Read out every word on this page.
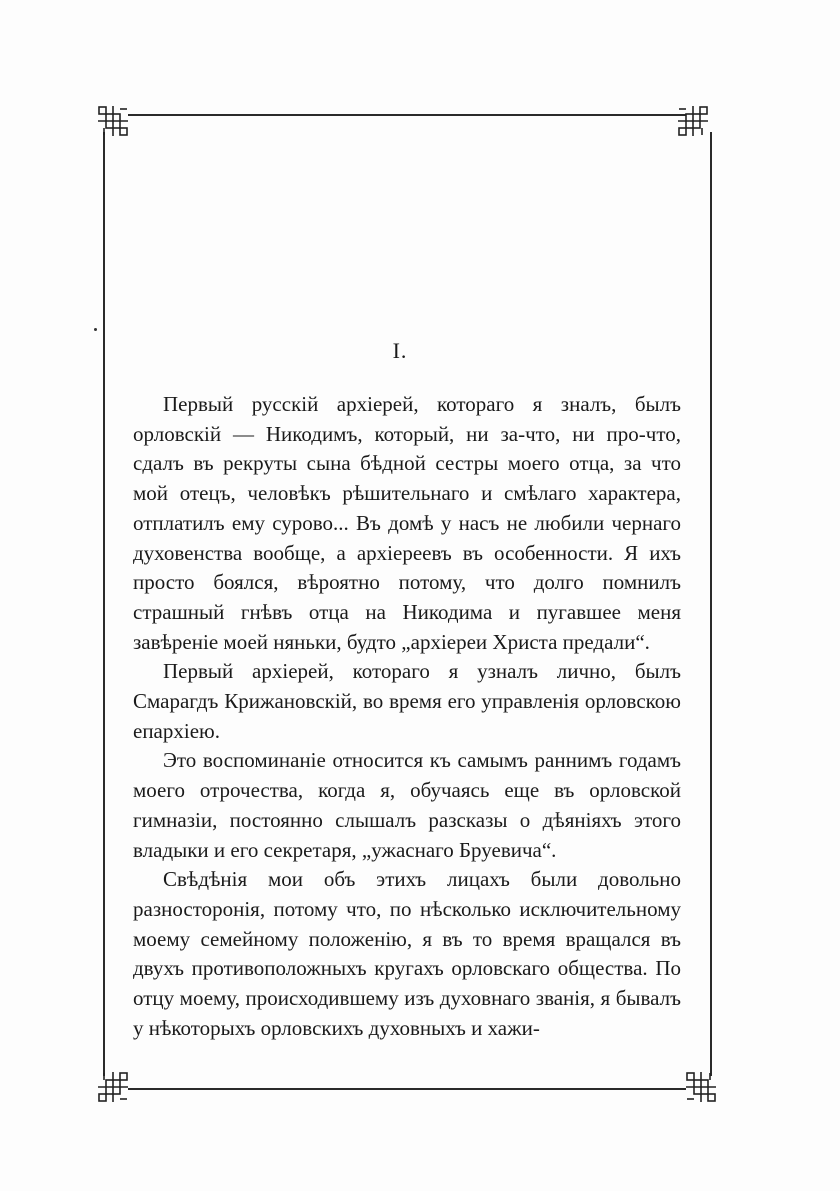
I.

Первый русскій архіерей, котораго я зналъ, былъ орловскій — Никодимъ, который, ни за-что, ни про-что, сдалъ въ рекруты сына бѣдной сестры моего отца, за что мой отецъ, человѣкъ рѣшительнаго и смѣлаго характера, отплатилъ ему сурово... Въ домѣ у насъ не любили чернаго духовенства вообще, а архіереевъ въ особенности. Я ихъ просто боялся, вѣроятно потому, что долго помнилъ страшный гнѣвъ отца на Никодима и пугавшее меня завѣреніе моей няньки, будто „архіереи Христа предали“.

Первый архіерей, котораго я узналъ лично, былъ Смарагдъ Крижановскій, во время его управленія орловскою епархіею.

Это воспоминаніе относится къ самымъ раннимъ годамъ моего отрочества, когда я, обучаясь еще въ орловской гимназіи, постоянно слышалъ разсказы о дѣяніяхъ этого владыки и его секретаря, „ужаснаго Бруевича“.

Свѣдѣнія мои объ этихъ лицахъ были довольно разносторонія, потому что, по нѣсколько исключительному моему семейному положенію, я въ то время вращался въ двухъ противоположныхъ кругахъ орловскаго общества. По отцу моему, происходившему изъ духовнаго званія, я бывалъ у нѣкоторыхъ орловскихъ духовныхъ и хажи-
